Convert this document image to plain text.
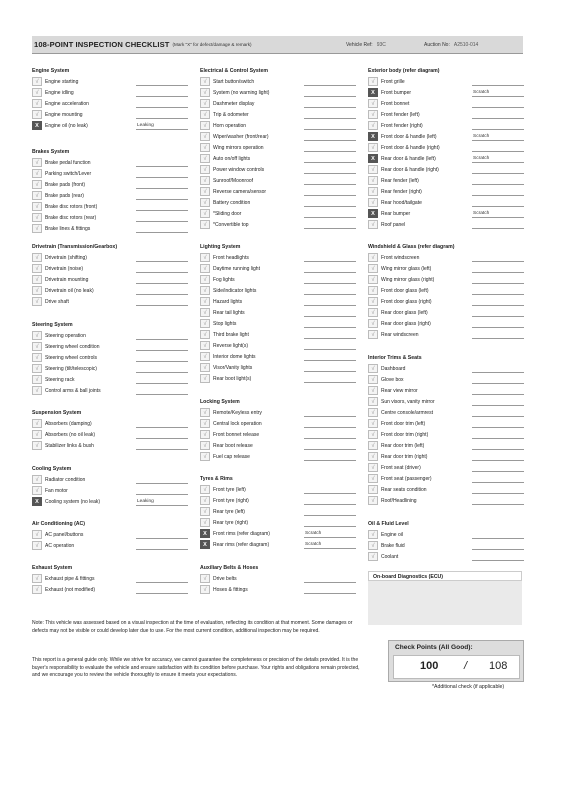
108-POINT INSPECTION CHECKLIST (Mark "X" for defect/damage & remark)	Vehicle Ref: 93C	Auction No: A2510-014
Engine System
√	Engine starting
√	Engine idling
√	Engine acceleration
√	Engine mounting
X	Engine oil (no leak)	Leaking
Brakes System
√	Brake pedal function
√	Parking switch/Lever
√	Brake pads (front)
√	Brake pads (rear)
√	Brake disc rotors (front)
√	Brake disc rotors (rear)
√	Brake lines & fittings
Drivetrain (Transmission/Gearbox)
√	Drivetrain (shifting)
√	Drivetrain (noise)
√	Drivetrain mounting
√	Drivetrain oil (no leak)
√	Drive shaft
Steering System
√	Steering operation
√	Steering wheel condition
√	Steering wheel controls
√	Steering (tilt/telescopic)
√	Steering rack
√	Control arms & ball joints
Suspension System
√	Absorbers (damping)
√	Absorbers (no oil leak)
√	Stabilizer links & bush
Cooling System
√	Radiator condition
√	Fan motor
X	Cooling system (no leak)	Leaking
Air Conditioning (AC)
√	AC panel/buttons
√	AC operation
Exhaust System
√	Exhaust pipe & fittings
√	Exhaust (not modified)
Electrical & Control System
√	Start button/switch
√	System (no warning light)
√	Dashmeter display
√	Trip & odometer
√	Horn operation
√	Wiper/washer (front/rear)
√	Wing mirrors operation
√	Auto on/off lights
√	Power window controls
√	Sunroof/Moonroof
√	Reverse camera/sensor
√	Battery condition
√	*Sliding door
√	*Convertible top
Lighting System
√	Front headlights
√	Daytime running light
√	Fog lights
√	Side/indicator lights
√	Hazard lights
√	Rear tail lights
√	Stop lights
√	Third brake light
√	Reverse light(s)
√	Interior dome lights
√	Visor/Vanity lights
√	Rear boot light(s)
Locking System
√	Remote/Keyless entry
√	Central lock operation
√	Front bonnet release
√	Rear boot release
√	Fuel cap release
Tyres & Rims
√	Front tyre (left)
√	Front tyre (right)
√	Rear tyre (left)
√	Rear tyre (right)
X	Front rims (refer diagram)	Scratch
X	Rear rims (refer diagram)	Scratch
Auxiliary Belts & Hoses
√	Drive belts
√	Hoses & fittings
Exterior body (refer diagram)
√	Front grille
X	Front bumper	Scratch
√	Front bonnet
√	Front fender (left)
√	Front fender (right)
X	Front door & handle (left)	Scratch
√	Front door & handle (right)
X	Rear door & handle (left)	Scratch
√	Rear door & handle (right)
√	Rear fender (left)
√	Rear fender (right)
√	Rear hood/tailgate
X	Rear bumper	Scratch
√	Roof panel
Windshield & Glass (refer diagram)
√	Front windscreen
√	Wing mirror glass (left)
√	Wing mirror glass (right)
√	Front door glass (left)
√	Front door glass (right)
√	Rear door glass (left)
√	Rear door glass (right)
√	Rear windscreen
Interior Trims & Seats
√	Dashboard
√	Glove box
√	Rear view mirror
√	Sun visors, vanity mirror
√	Centre console/armrest
√	Front door trim (left)
√	Front door trim (right)
√	Rear door trim (left)
√	Rear door trim (right)
√	Front seat (driver)
√	Front seat (passenger)
√	Rear seats condition
√	Roof/Headlining
Oil & Fluid Level
√	Engine oil
√	Brake fluid
√	Coolant
On-board Diagnostics (ECU)
Note: This vehicle was assessed based on a visual inspection at the time of evaluation, reflecting its condition at that moment. Some damages or defects may not be visible or could develop later due to use. For the most current condition, additional inspection may be required.
This report is a general guide only. While we strive for accuracy, we cannot guarantee the completeness or precision of the details provided. It is the buyer's responsibility to evaluate the vehicle and ensure satisfaction with its condition before purchase. Your rights and obligations remain protected, and we encourage you to review the vehicle thoroughly to ensure it meets your expectations.
Check Points (All Good):
100 / 108
*Additional check (if applicable)
